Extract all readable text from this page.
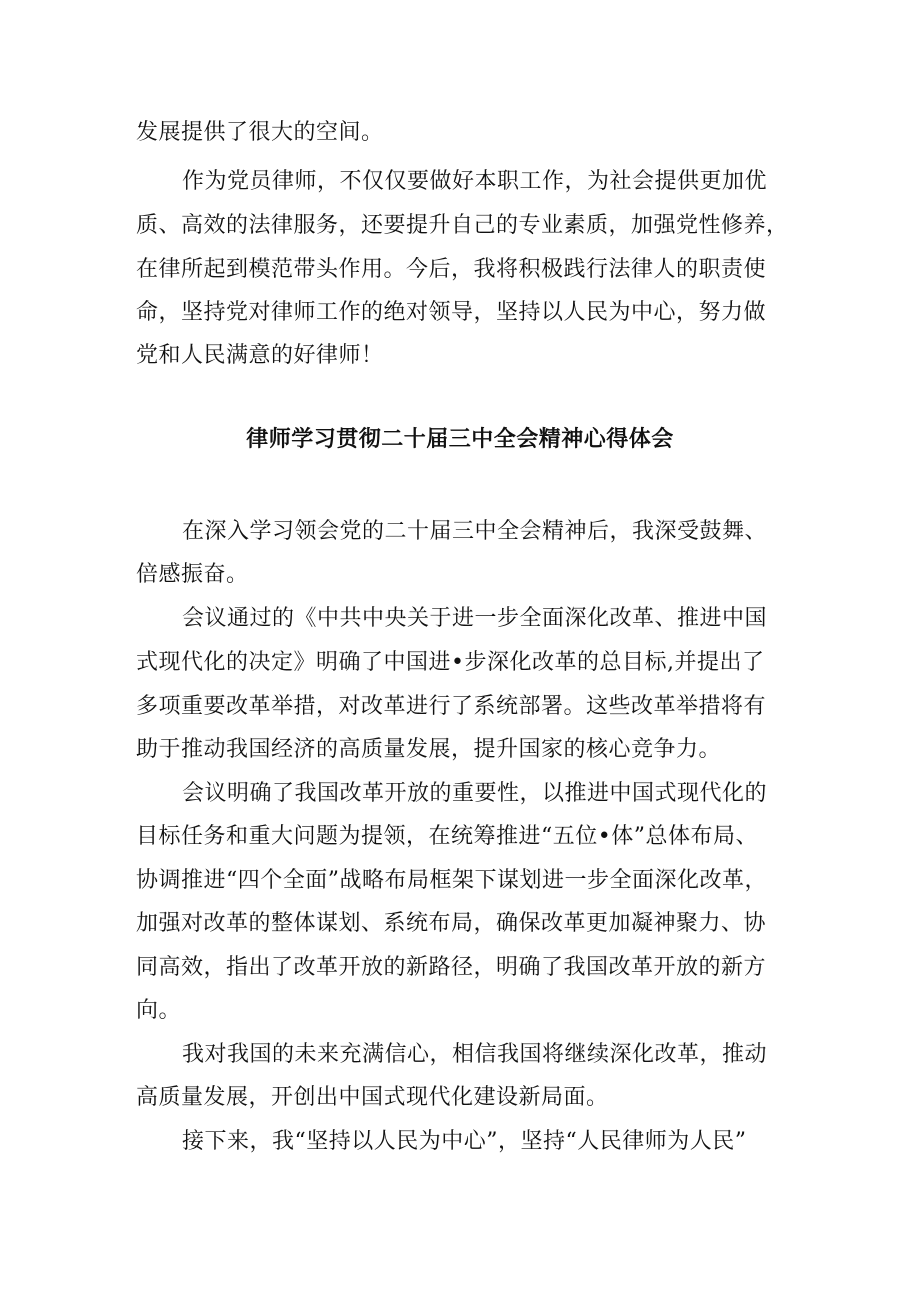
发展提供了很大的空间。
作为党员律师，不仅仅要做好本职工作，为社会提供更加优
质、高效的法律服务，还要提升自己的专业素质，加强党性修养，
在律所起到模范带头作用。今后，我将积极践行法律人的职责使
命，坚持党对律师工作的绝对领导，坚持以人民为中心，努力做
党和人民满意的好律师！
律师学习贯彻二十届三中全会精神心得体会
在深入学习领会党的二十届三中全会精神后，我深受鼓舞、
倍感振奋。
会议通过的《中共中央关于进一步全面深化改革、推进中国
式现代化的决定》明确了中国进•步深化改革的总目标,并提出了
多项重要改革举措，对改革进行了系统部署。这些改革举措将有
助于推动我国经济的高质量发展，提升国家的核心竞争力。
会议明确了我国改革开放的重要性，以推进中国式现代化的
目标任务和重大问题为提领，在统筹推进“五位•体”总体布局、
协调推进“四个全面”战略布局框架下谋划进一步全面深化改革，
加强对改革的整体谋划、系统布局，确保改革更加凝神聚力、协
同高效，指出了改革开放的新路径，明确了我国改革开放的新方
向。
我对我国的未来充满信心，相信我国将继续深化改革，推动
高质量发展，开创出中国式现代化建设新局面。
接下来，我“坚持以人民为中心”，坚持“人民律师为人民”
